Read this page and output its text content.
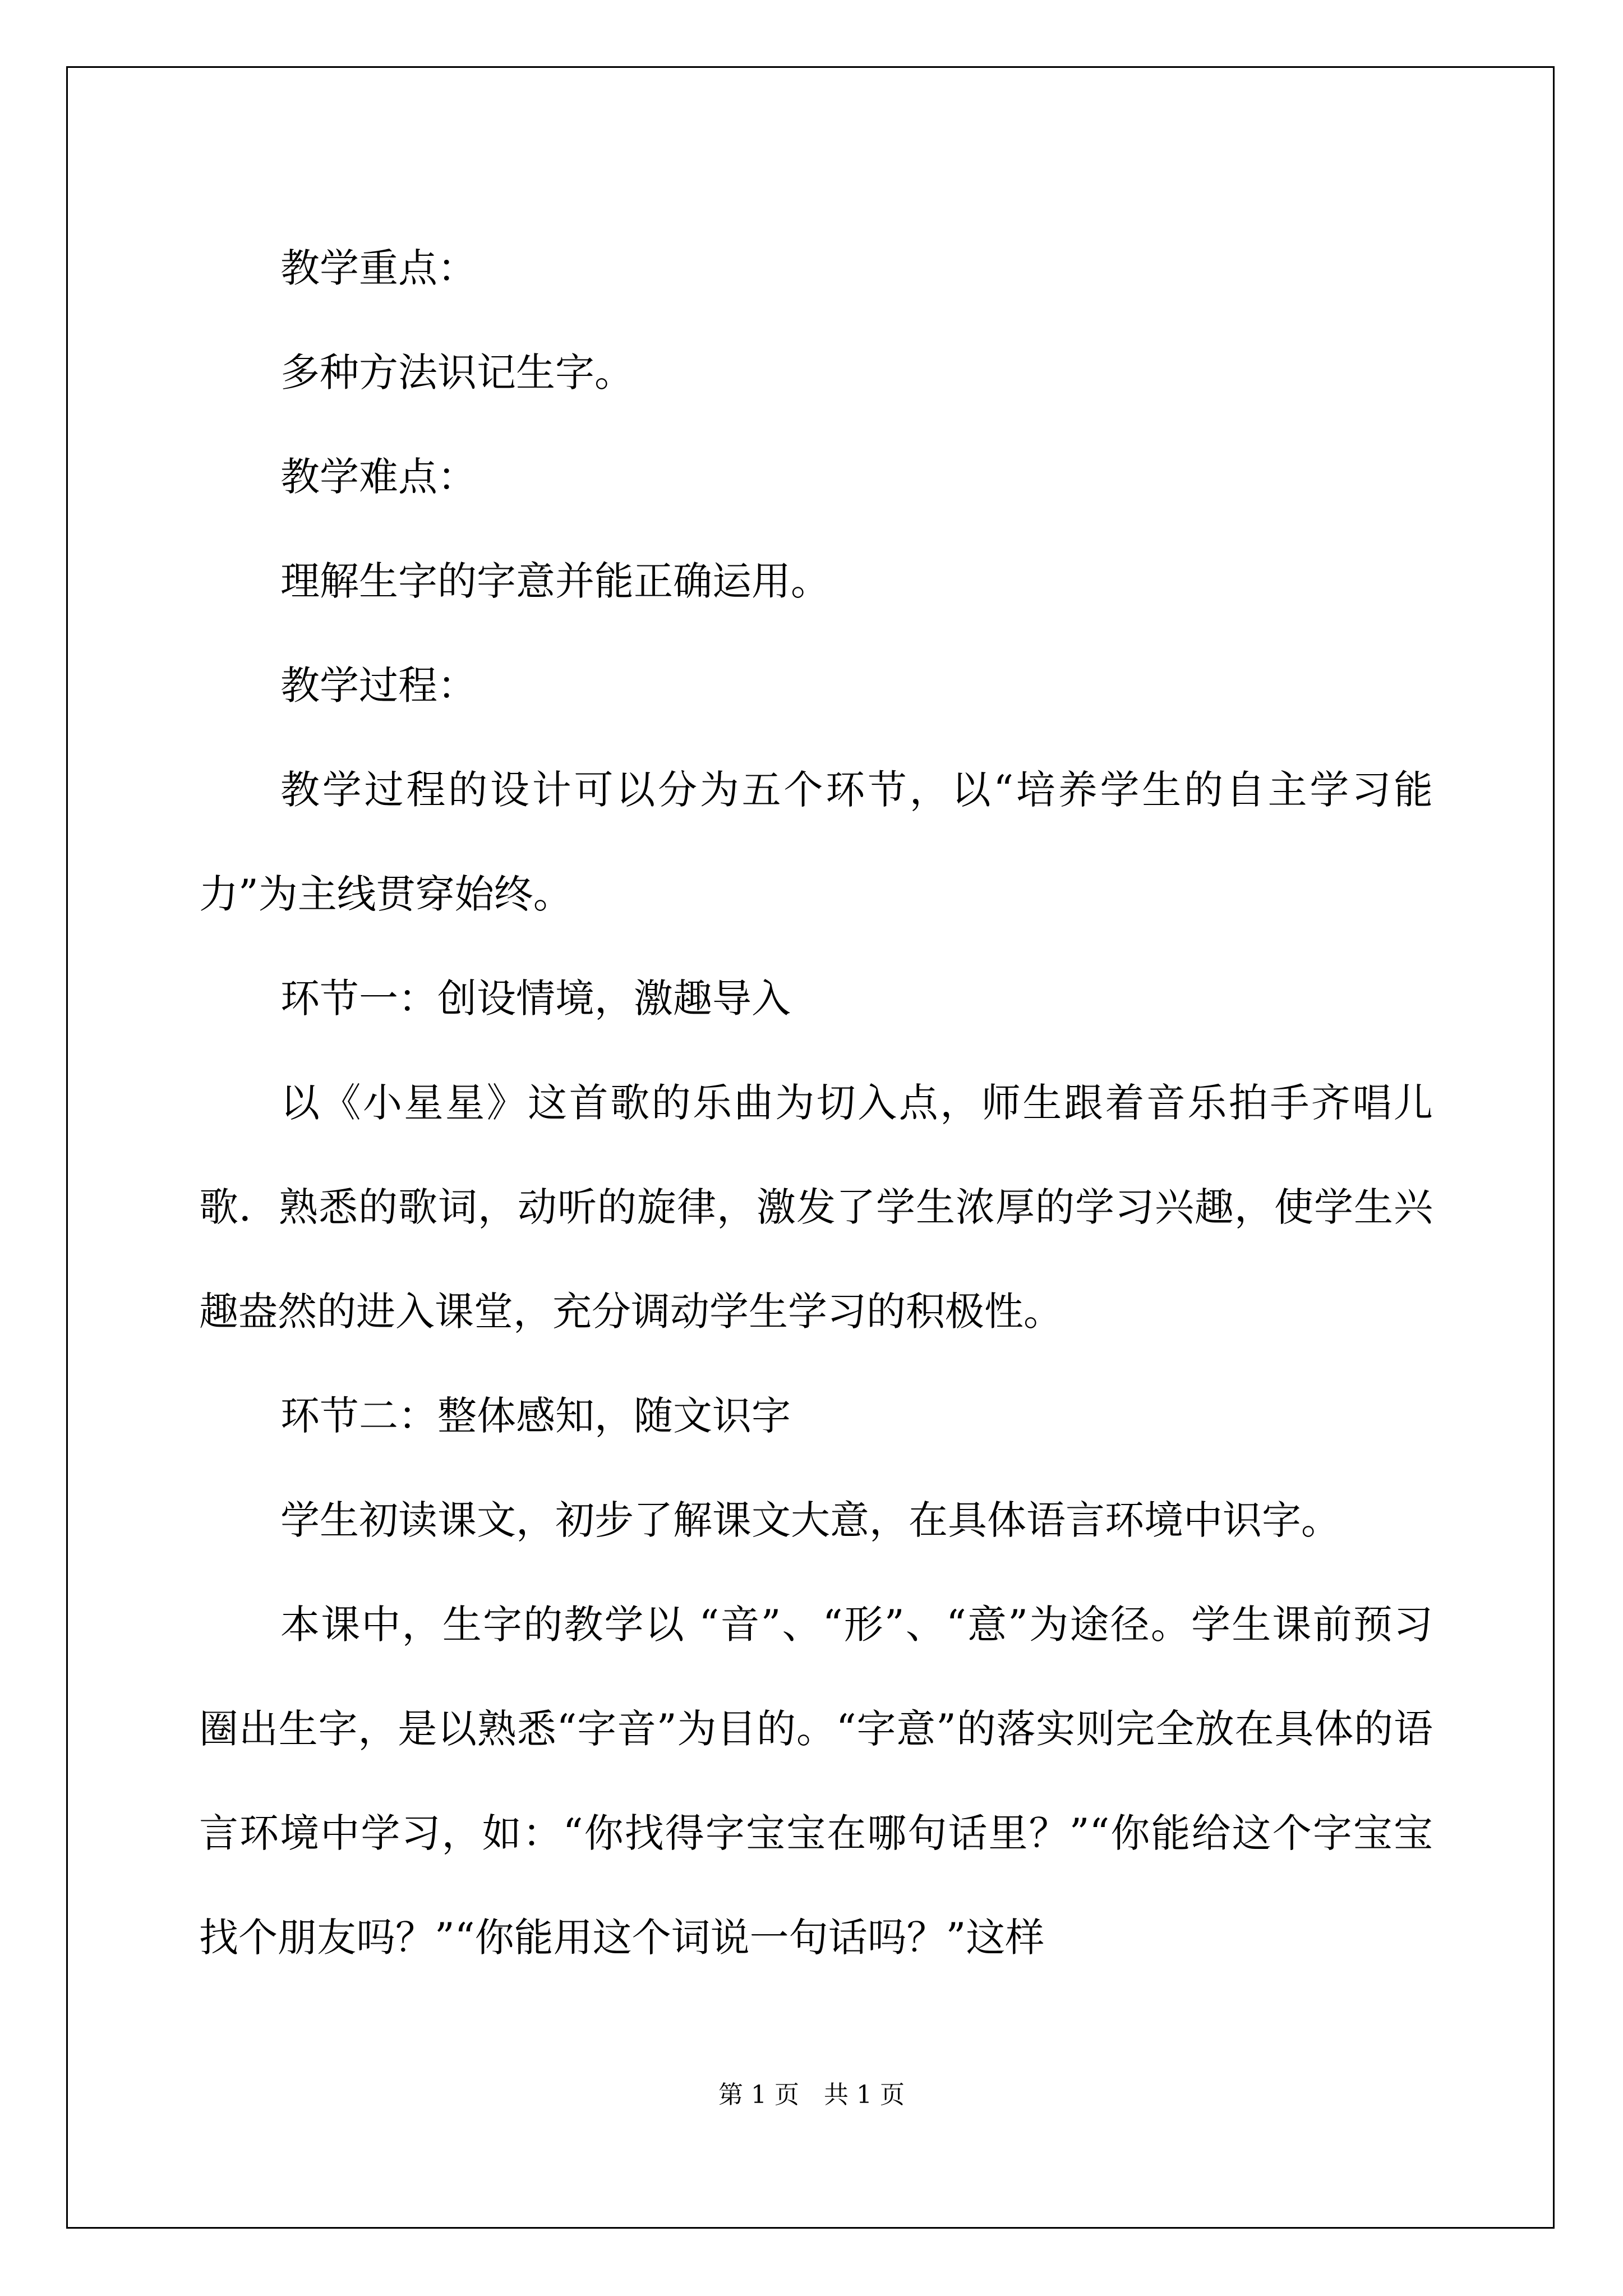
教学重点：

多种方法识记生字。

教学难点：

理解生字的字意并能正确运用。

教学过程：

教学过程的设计可以分为五个环节，以“培养学生的自主学习能力”为主线贯穿始终。

环节一：创设情境，激趣导入

以《小星星》这首歌的乐曲为切入点，师生跟着音乐拍手齐唱儿歌．熟悉的歌词，动听的旋律，激发了学生浓厚的学习兴趣，使学生兴趣盎然的进入课堂，充分调动学生学习的积极性。

环节二：整体感知，随文识字

学生初读课文，初步了解课文大意，在具体语言环境中识字。

本课中，生字的教学以 “音”、“形”、“意”为途径。学生课前预习圈出生字，是以熟悉“字音”为目的。“字意”的落实则完全放在具体的语言环境中学习，如：“你找得字宝宝在哪句话里？”“你能给这个字宝宝找个朋友吗？”“你能用这个词说一句话吗？”这样

第 1 页　共 1 页
